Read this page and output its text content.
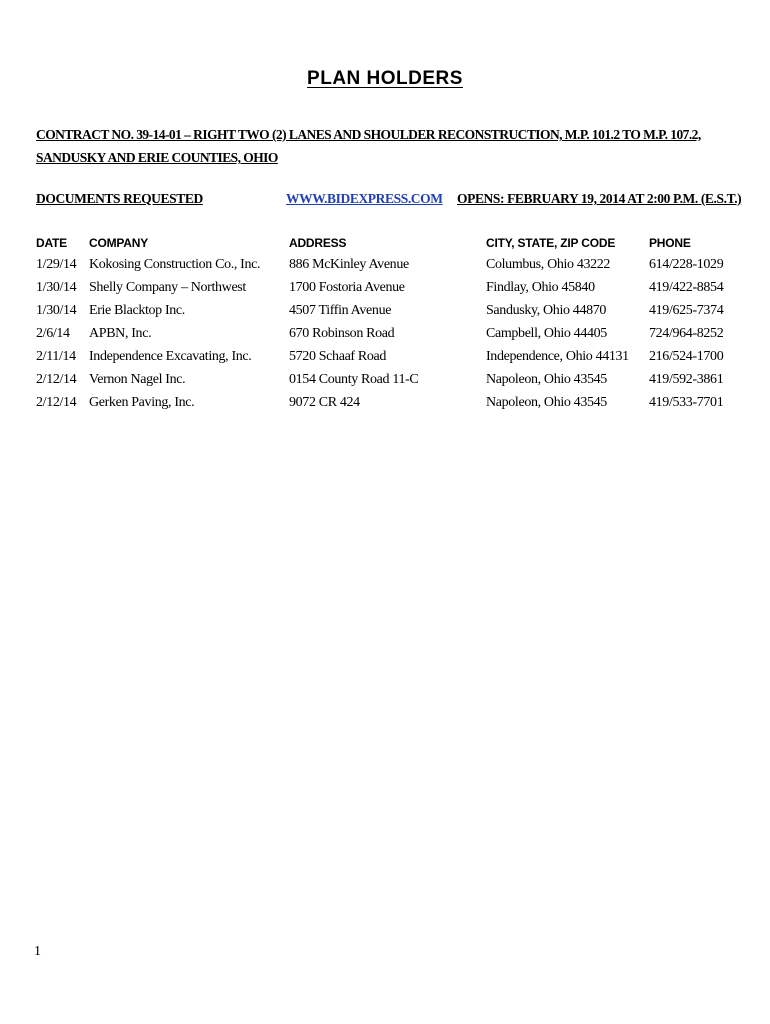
PLAN HOLDERS
CONTRACT NO. 39-14-01 – RIGHT TWO (2) LANES AND SHOULDER RECONSTRUCTION, M.P. 101.2 TO M.P. 107.2, SANDUSKY AND ERIE COUNTIES, OHIO
DOCUMENTS REQUESTED	WWW.BIDEXPRESS.COM OPENS: FEBRUARY 19, 2014 AT 2:00 P.M. (E.S.T.)
DATE COMPANY	ADDRESS	CITY, STATE, ZIP CODE	PHONE
1/29/14 Kokosing Construction Co., Inc. 886 McKinley Avenue	Columbus, Ohio 43222	614/228-1029
1/30/14 Shelly Company – Northwest	1700 Fostoria Avenue	Findlay, Ohio 45840	419/422-8854
1/30/14 Erie Blacktop Inc.	4507 Tiffin Avenue	Sandusky, Ohio 44870	419/625-7374
2/6/14 APBN, Inc.	670 Robinson Road	Campbell, Ohio 44405	724/964-8252
2/11/14 Independence Excavating, Inc.	5720 Schaaf Road	Independence, Ohio 44131 216/524-1700
2/12/14 Vernon Nagel Inc.	0154 County Road 11-C	Napoleon, Ohio 43545	419/592-3861
2/12/14 Gerken Paving, Inc.	9072 CR 424	Napoleon, Ohio 43545	419/533-7701
1
